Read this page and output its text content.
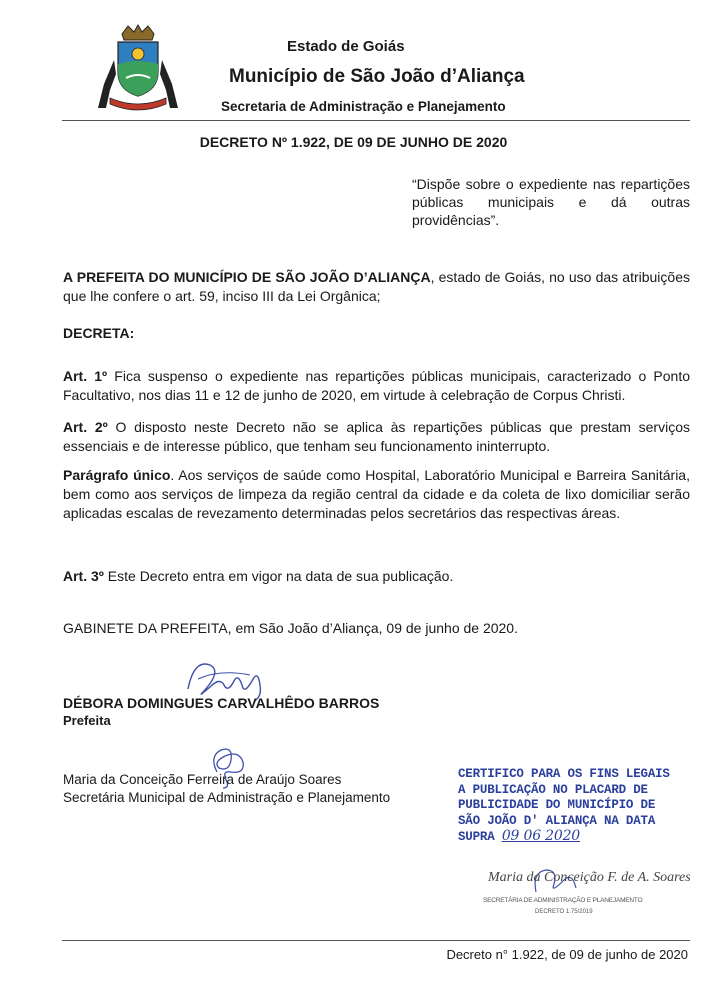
Estado de Goiás
Município de São João d’Aliança
Secretaria de Administração e Planejamento
DECRETO Nº 1.922, DE 09 DE JUNHO DE 2020
“Dispõe sobre o expediente nas repartições públicas municipais e dá outras providências”.
A PREFEITA DO MUNICÍPIO DE SÃO JOÃO D’ALIANÇA, estado de Goiás, no uso das atribuições que lhe confere o art. 59, inciso III da Lei Orgânica;
DECRETA:
Art. 1º Fica suspenso o expediente nas repartições públicas municipais, caracterizado o Ponto Facultativo, nos dias 11 e 12 de junho de 2020, em virtude à celebração de Corpus Christi.
Art. 2º O disposto neste Decreto não se aplica às repartições públicas que prestam serviços essenciais e de interesse público, que tenham seu funcionamento ininterrupto.
Parágrafo único. Aos serviços de saúde como Hospital, Laboratório Municipal e Barreira Sanitária, bem como aos serviços de limpeza da região central da cidade e da coleta de lixo domiciliar serão aplicadas escalas de revezamento determinadas pelos secretários das respectivas áreas.
Art. 3º Este Decreto entra em vigor na data de sua publicação.
GABINETE DA PREFEITA, em São João d’Aliança, 09 de junho de 2020.
DÉBORA DOMINGUES CARVALHÊDO BARROS
Prefeita
Maria da Conceição Ferreira de Araújo Soares
Secretária Municipal de Administração e Planejamento
CERTIFICO PARA OS FINS LEGAIS
A PUBLICAÇÃO NO PLACARD DE
PUBLICIDADE DO MUNICÍPIO DE
SÃO JOÃO D' ALIANÇA NA DATA
SUPRA 09 06 2020
Maria da Conceição F. de A. Soares
SECRETÁRIA DE ADMINISTRAÇÃO E PLANEJAMENTO
DECRETO 1.75/2019
Decreto n° 1.922, de 09 de junho de 2020
